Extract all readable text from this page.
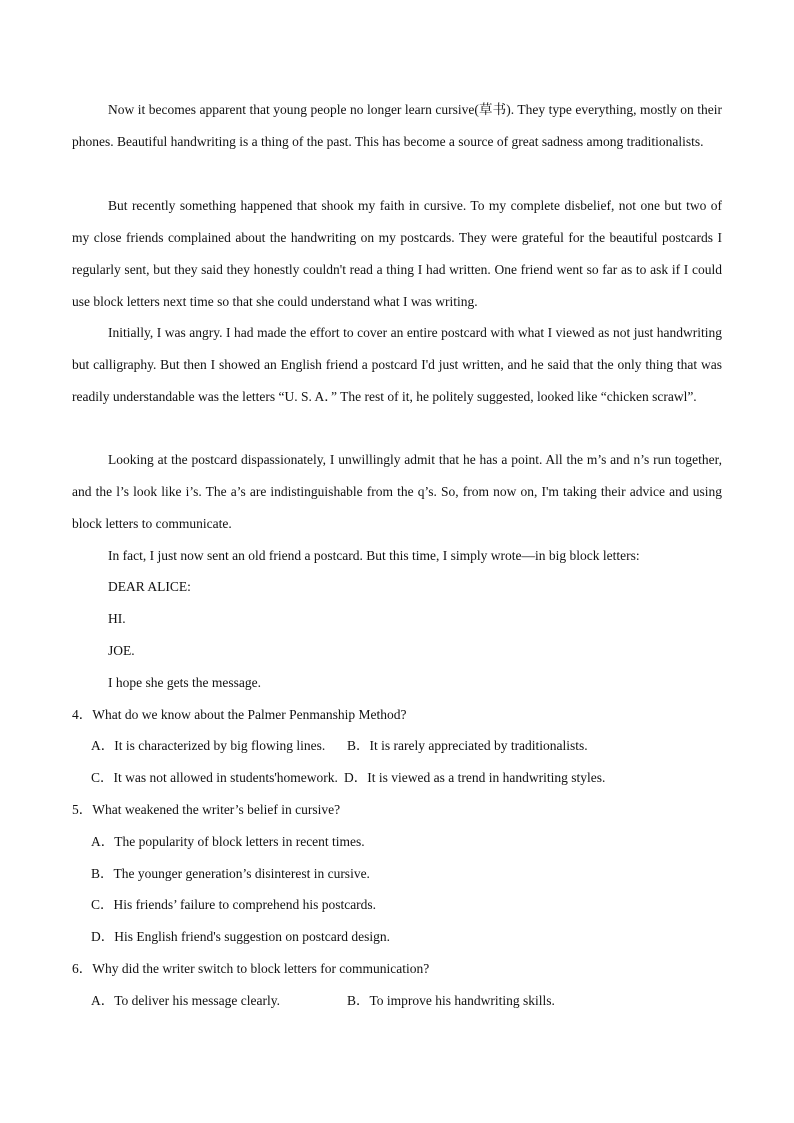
Now it becomes apparent that young people no longer learn cursive(草书). They type everything, mostly on their phones. Beautiful handwriting is a thing of the past. This has become a source of great sadness among traditionalists.

But recently something happened that shook my faith in cursive. To my complete disbelief, not one but two of my close friends complained about the handwriting on my postcards. They were grateful for the beautiful postcards I regularly sent, but they said they honestly couldn't read a thing I had written. One friend went so far as to ask if I could use block letters next time so that she could understand what I was writing.

Initially, I was angry. I had made the effort to cover an entire postcard with what I viewed as not just handwriting but calligraphy. But then I showed an English friend a postcard I'd just written, and he said that the only thing that was readily understandable was the letters “U. S. A．” The rest of it, he politely suggested, looked like “chicken scrawl”.

Looking at the postcard dispassionately, I unwillingly admit that he has a point. All the m’s and n’s run together, and the l’s look like i’s. The a’s are indistinguishable from the q’s. So, from now on, I'm taking their advice and using block letters to communicate.

In fact, I just now sent an old friend a postcard. But this time, I simply wrote—in big block letters:

DEAR ALICE:

HI.

JOE.

I hope she gets the message.

4．What do we know about the Palmer Penmanship Method?

A．It is characterized by big flowing lines. B．It is rarely appreciated by traditionalists.

C．It was not allowed in students'homework. D．It is viewed as a trend in handwriting styles.

5．What weakened the writer’s belief in cursive?

A．The popularity of block letters in recent times.

B．The younger generation’s disinterest in cursive.

C．His friends’ failure to comprehend his postcards.

D．His English friend's suggestion on postcard design.

6．Why did the writer switch to block letters for communication?

A．To deliver his message clearly.	B．To improve his handwriting skills.
